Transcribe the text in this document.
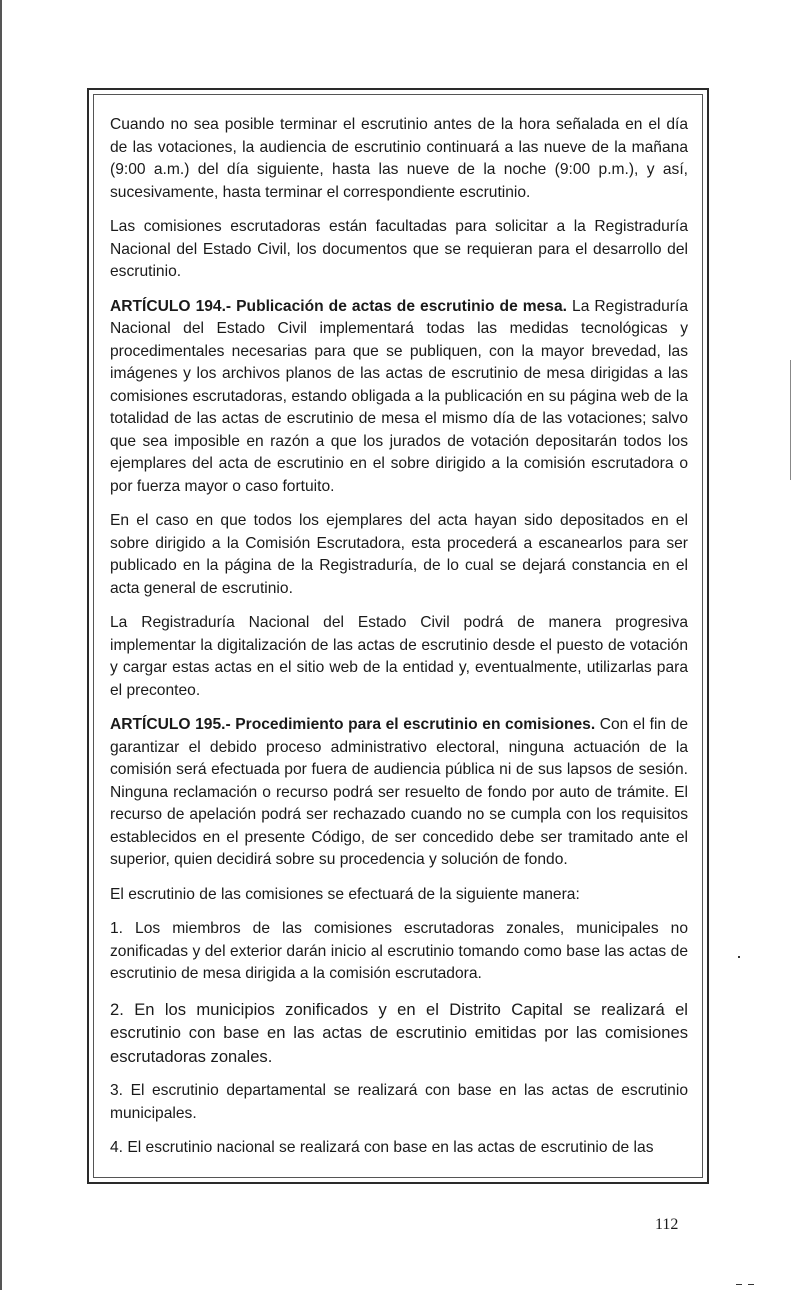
Cuando no sea posible terminar el escrutinio antes de la hora señalada en el día de las votaciones, la audiencia de escrutinio continuará a las nueve de la mañana (9:00 a.m.) del día siguiente, hasta las nueve de la noche (9:00 p.m.), y así, sucesivamente, hasta terminar el correspondiente escrutinio.

Las comisiones escrutadoras están facultadas para solicitar a la Registraduría Nacional del Estado Civil, los documentos que se requieran para el desarrollo del escrutinio.

ARTÍCULO 194.- Publicación de actas de escrutinio de mesa. La Registraduría Nacional del Estado Civil implementará todas las medidas tecnológicas y procedimentales necesarias para que se publiquen, con la mayor brevedad, las imágenes y los archivos planos de las actas de escrutinio de mesa dirigidas a las comisiones escrutadoras, estando obligada a la publicación en su página web de la totalidad de las actas de escrutinio de mesa el mismo día de las votaciones; salvo que sea imposible en razón a que los jurados de votación depositarán todos los ejemplares del acta de escrutinio en el sobre dirigido a la comisión escrutadora o por fuerza mayor o caso fortuito.

En el caso en que todos los ejemplares del acta hayan sido depositados en el sobre dirigido a la Comisión Escrutadora, esta procederá a escanearlos para ser publicado en la página de la Registraduría, de lo cual se dejará constancia en el acta general de escrutinio.

La Registraduría Nacional del Estado Civil podrá de manera progresiva implementar la digitalización de las actas de escrutinio desde el puesto de votación y cargar estas actas en el sitio web de la entidad y, eventualmente, utilizarlas para el preconteo.

ARTÍCULO 195.- Procedimiento para el escrutinio en comisiones. Con el fin de garantizar el debido proceso administrativo electoral, ninguna actuación de la comisión será efectuada por fuera de audiencia pública ni de sus lapsos de sesión. Ninguna reclamación o recurso podrá ser resuelto de fondo por auto de trámite. El recurso de apelación podrá ser rechazado cuando no se cumpla con los requisitos establecidos en el presente Código, de ser concedido debe ser tramitado ante el superior, quien decidirá sobre su procedencia y solución de fondo.

El escrutinio de las comisiones se efectuará de la siguiente manera:

1. Los miembros de las comisiones escrutadoras zonales, municipales no zonificadas y del exterior darán inicio al escrutinio tomando como base las actas de escrutinio de mesa dirigida a la comisión escrutadora.

2. En los municipios zonificados y en el Distrito Capital se realizará el escrutinio con base en las actas de escrutinio emitidas por las comisiones escrutadoras zonales.

3. El escrutinio departamental se realizará con base en las actas de escrutinio municipales.

4. El escrutinio nacional se realizará con base en las actas de escrutinio de las

112
